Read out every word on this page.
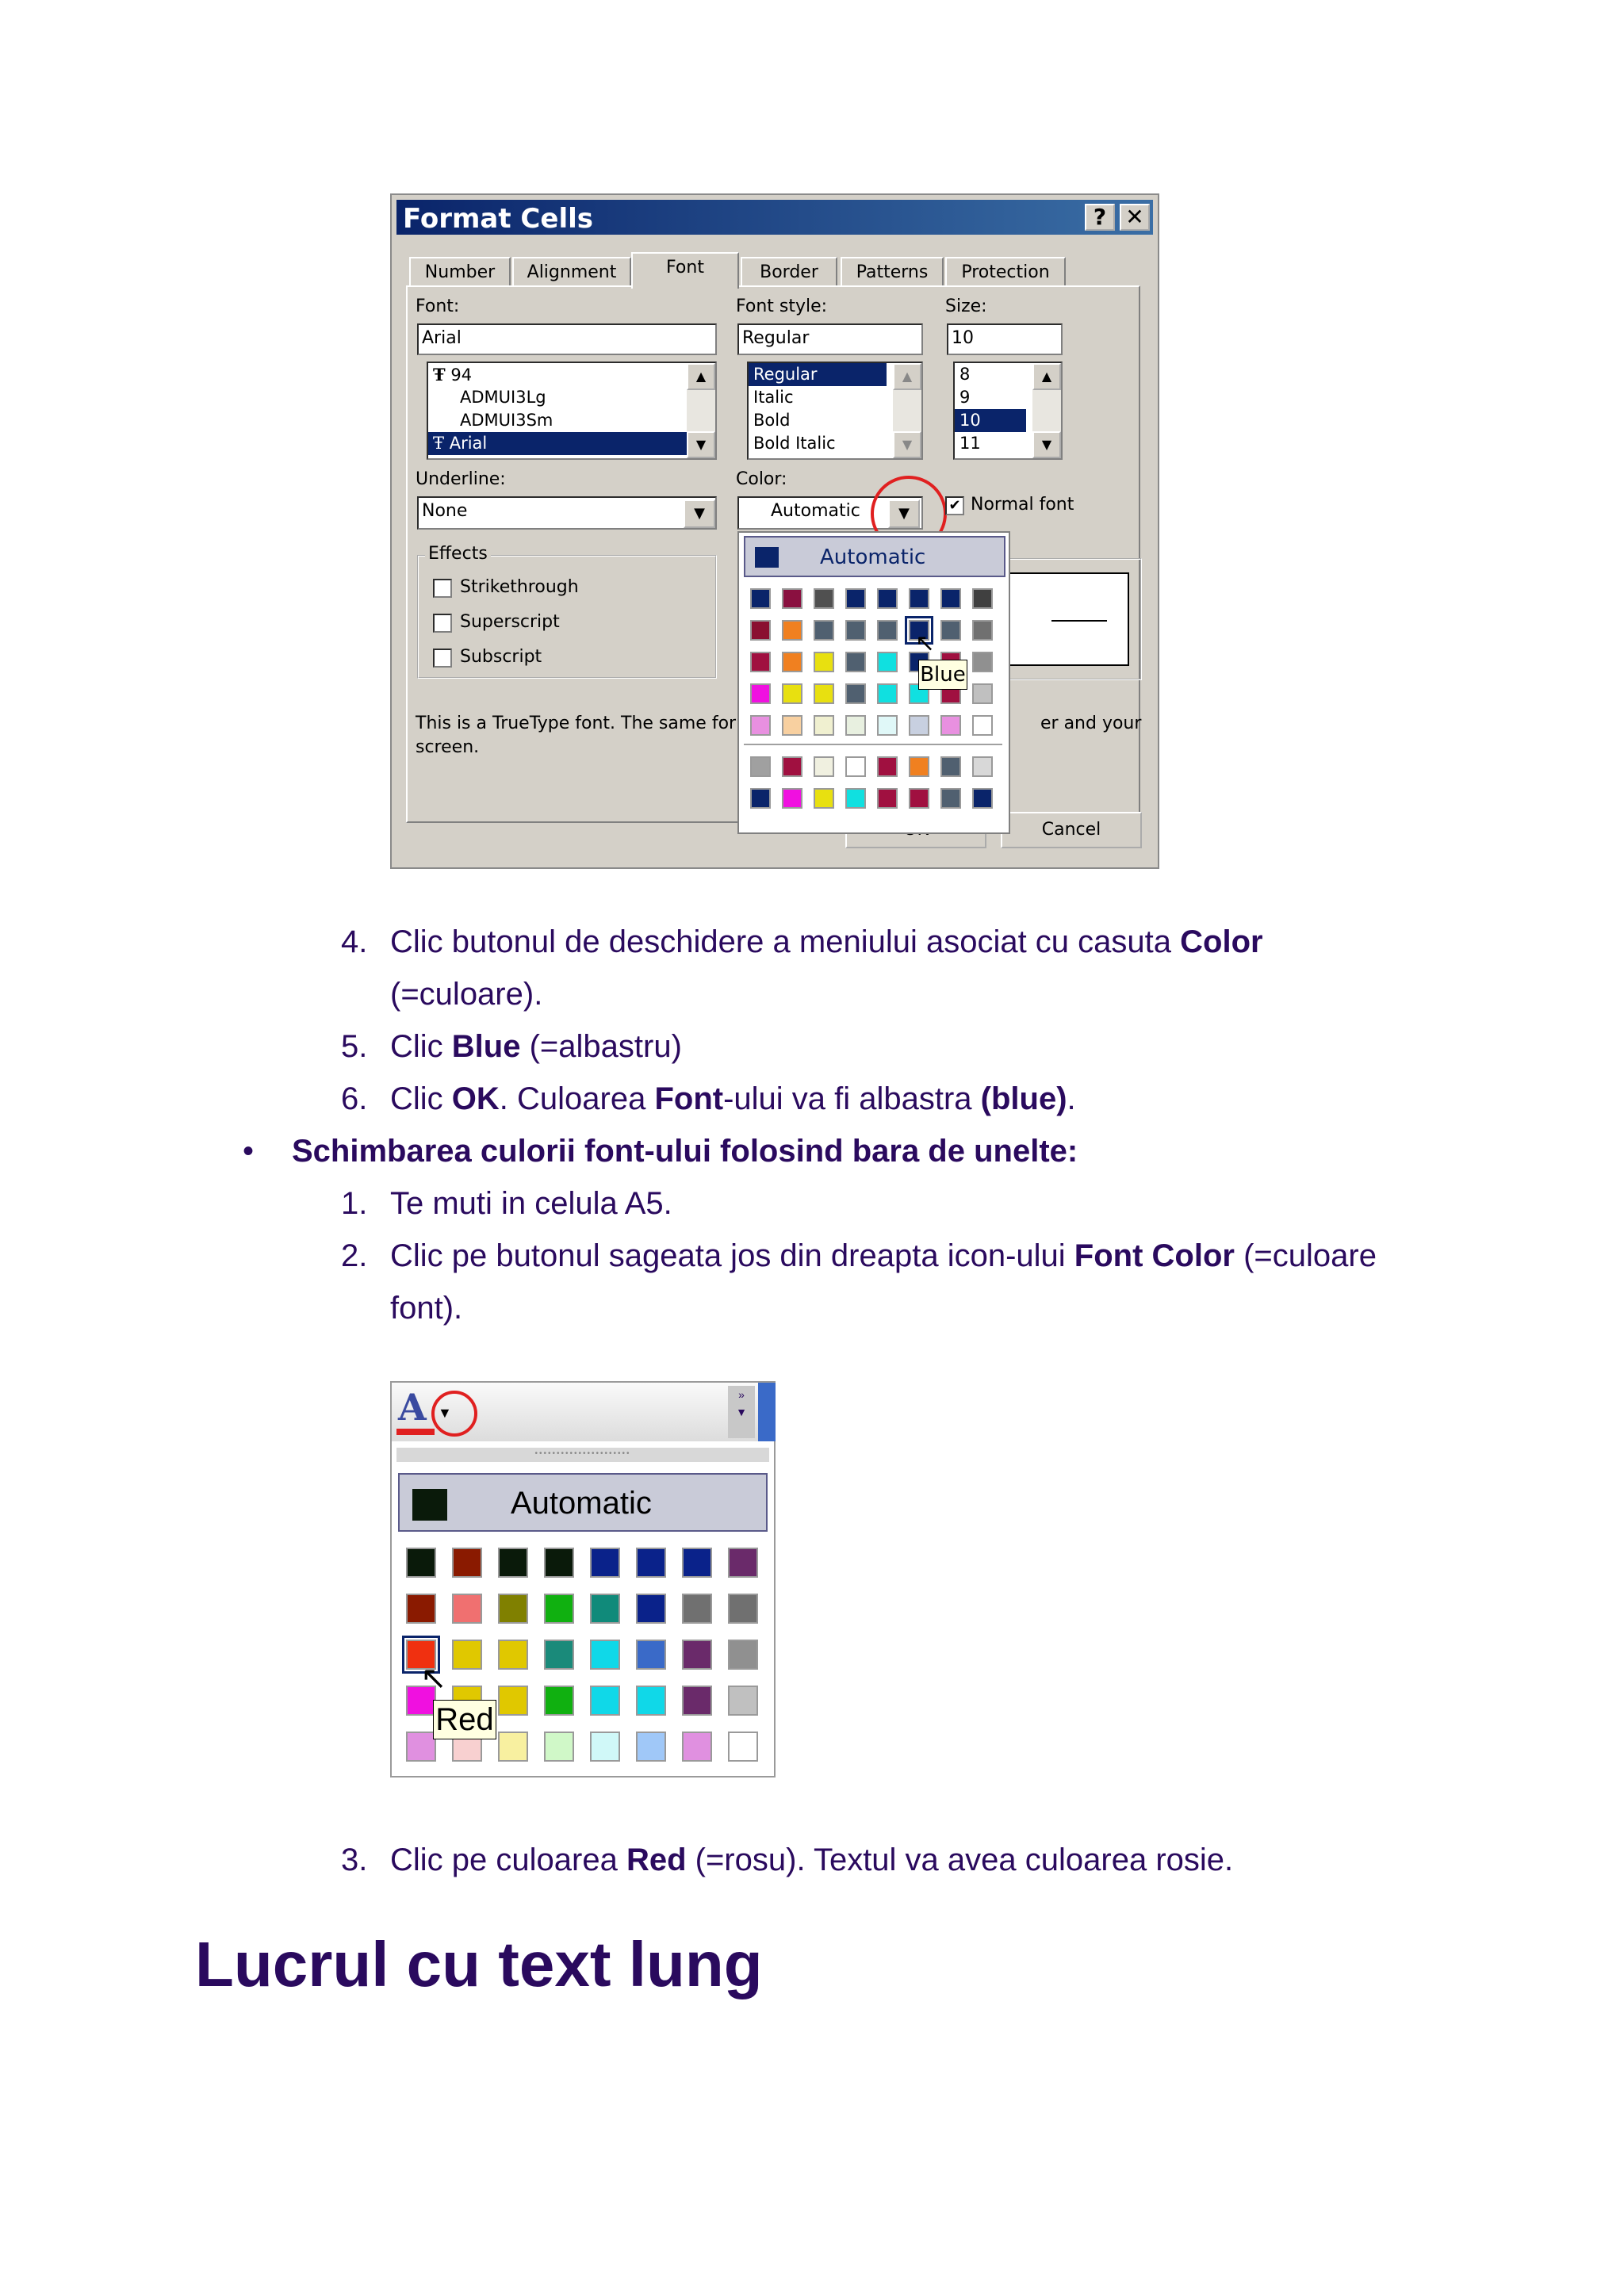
Format Cells	? ✕
Number	Alignment	Font	Border	Patterns	Protection
Font:
Arial
Ŧ 94
ADMUI3Lg
ADMUI3Sm
Ŧ Arial
▲
▼
Font style:
Regular
Regular
Italic
Bold
Bold Italic
▲
▼
Size:
10
8
9
10
11
▲
▼
Underline:
None	▼
Color:
Automatic	▼	✔ Normal font
Effects
Strikethrough
Superscript
Subscript
This is a TrueType font. The same for	er and your
screen.
Cancel
Automatic
Blue
↖
4. Clic butonul de deschidere a meniului asociat cu casuta Color
(=culoare).
5. Clic Blue (=albastru)
6. Clic OK. Culoarea Font-ului va fi albastra (blue).
• Schimbarea culorii font-ului folosind bara de unelte:
1. Te muti in celula A5.
2. Clic pe butonul sageata jos din dreapta icon-ului Font Color (=culoare
font).
A ▼
»
▼
••••••••••••••••••••••
Automatic
Red
↖
3. Clic pe culoarea Red (=rosu). Textul va avea culoarea rosie.
Lucrul cu text lung
